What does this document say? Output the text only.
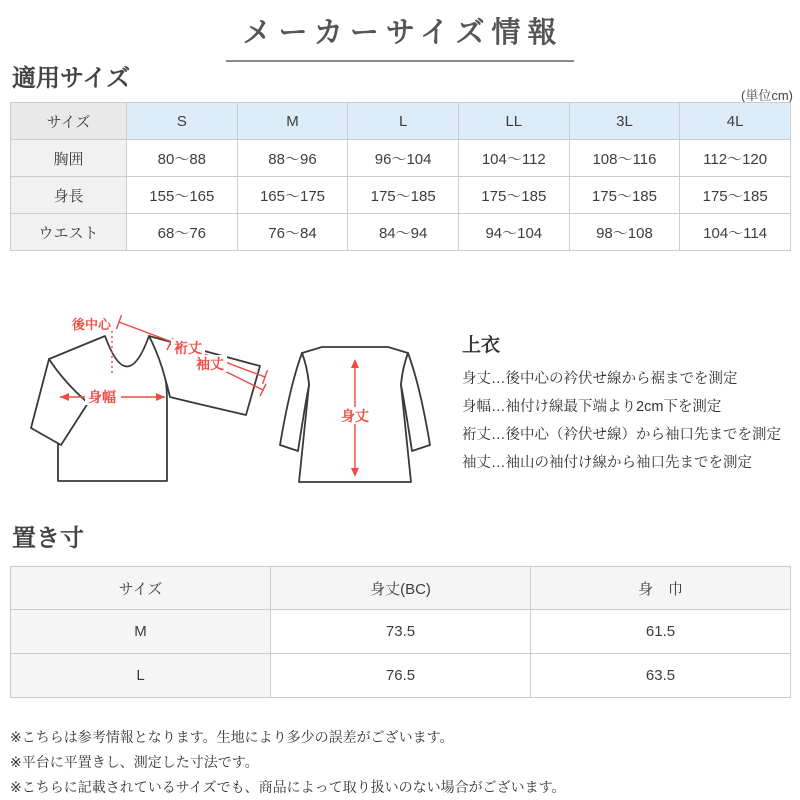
メーカーサイズ情報
適用サイズ
(単位cm)
サイズ	S	M	L	LL	3L	4L
胸囲	80～88	88～96	96～104	104～112	108～116	112～120
身長	155～165	165～175	175～185	175～185	175～185	175～185
ウエスト	68～76	76～84	84～94	94～104	98～108	104～114
後中心
裄丈
袖丈
身幅
身丈
上衣
身丈…後中心の衿伏せ線から裾までを測定
身幅…袖付け線最下端より2cm下を測定
裄丈…後中心（衿伏せ線）から袖口先までを測定
袖丈…袖山の袖付け線から袖口先までを測定
置き寸
サイズ	身丈(BC)	身　巾
M	73.5	61.5
L	76.5	63.5
※こちらは参考情報となります。生地により多少の誤差がございます。
※平台に平置きし、測定した寸法です。
※こちらに記載されているサイズでも、商品によって取り扱いのない場合がございます。
